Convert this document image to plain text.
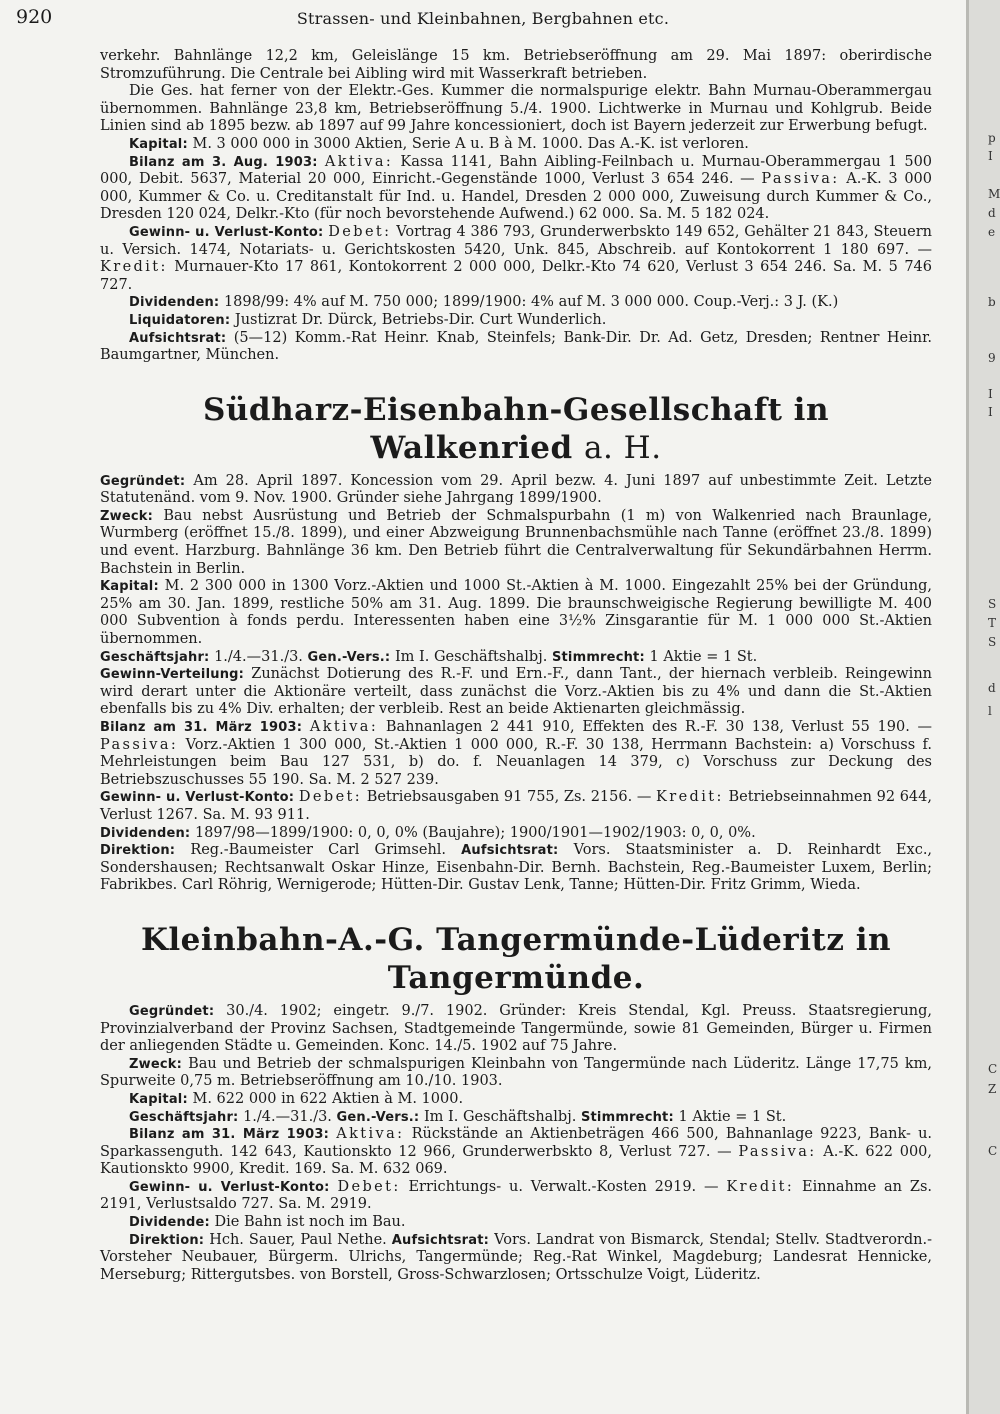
p
I
M
d
e
b
9
I
I
S
T
S
d
l
C
Z
C
920	Strassen- und Kleinbahnen, Bergbahnen etc.

verkehr. Bahnlänge 12,2 km, Geleislänge 15 km. Betriebseröffnung am 29. Mai 1897: oberirdische Stromzuführung. Die Centrale bei Aibling wird mit Wasserkraft betrieben.

Die Ges. hat ferner von der Elektr.-Ges. Kummer die normalspurige elektr. Bahn Murnau-Oberammergau übernommen. Bahnlänge 23,8 km, Betriebseröffnung 5./4. 1900. Lichtwerke in Murnau und Kohlgrub. Beide Linien sind ab 1895 bezw. ab 1897 auf 99 Jahre koncessioniert, doch ist Bayern jederzeit zur Erwerbung befugt.

Kapital: M. 3 000 000 in 3000 Aktien, Serie A u. B à M. 1000. Das A.-K. ist verloren.

Bilanz am 3. Aug. 1903: Aktiva: Kassa 1141, Bahn Aibling-Feilnbach u. Murnau-Oberammergau 1 500 000, Debit. 5637, Material 20 000, Einricht.-Gegenstände 1000, Verlust 3 654 246. — Passiva: A.-K. 3 000 000, Kummer & Co. u. Creditanstalt für Ind. u. Handel, Dresden 2 000 000, Zuweisung durch Kummer & Co., Dresden 120 024, Delkr.-Kto (für noch bevorstehende Aufwend.) 62 000. Sa. M. 5 182 024.

Gewinn- u. Verlust-Konto: Debet: Vortrag 4 386 793, Grunderwerbskto 149 652, Gehälter 21 843, Steuern u. Versich. 1474, Notariats- u. Gerichtskosten 5420, Unk. 845, Abschreib. auf Kontokorrent 1 180 697. — Kredit: Murnauer-Kto 17 861, Kontokorrent 2 000 000, Delkr.-Kto 74 620, Verlust 3 654 246. Sa. M. 5 746 727.

Dividenden: 1898/99: 4% auf M. 750 000; 1899/1900: 4% auf M. 3 000 000. Coup.-Verj.: 3 J. (K.)

Liquidatoren: Justizrat Dr. Dürck, Betriebs-Dir. Curt Wunderlich.

Aufsichtsrat: (5—12) Komm.-Rat Heinr. Knab, Steinfels; Bank-Dir. Dr. Ad. Getz, Dresden; Rentner Heinr. Baumgartner, München.

Südharz-Eisenbahn-Gesellschaft in Walkenried a. H.

Gegründet: Am 28. April 1897. Koncession vom 29. April bezw. 4. Juni 1897 auf unbestimmte Zeit. Letzte Statutenänd. vom 9. Nov. 1900. Gründer siehe Jahrgang 1899/1900.

Zweck: Bau nebst Ausrüstung und Betrieb der Schmalspurbahn (1 m) von Walkenried nach Braunlage, Wurmberg (eröffnet 15./8. 1899), und einer Abzweigung Brunnenbachsmühle nach Tanne (eröffnet 23./8. 1899) und event. Harzburg. Bahnlänge 36 km. Den Betrieb führt die Centralverwaltung für Sekundärbahnen Herrm. Bachstein in Berlin.

Kapital: M. 2 300 000 in 1300 Vorz.-Aktien und 1000 St.-Aktien à M. 1000. Eingezahlt 25% bei der Gründung, 25% am 30. Jan. 1899, restliche 50% am 31. Aug. 1899. Die braunschweigische Regierung bewilligte M. 400 000 Subvention à fonds perdu. Interessenten haben eine 3½% Zinsgarantie für M. 1 000 000 St.-Aktien übernommen.

Geschäftsjahr: 1./4.—31./3. Gen.-Vers.: Im I. Geschäftshalbj. Stimmrecht: 1 Aktie = 1 St.

Gewinn-Verteilung: Zunächst Dotierung des R.-F. und Ern.-F., dann Tant., der hiernach verbleib. Reingewinn wird derart unter die Aktionäre verteilt, dass zunächst die Vorz.-Aktien bis zu 4% und dann die St.-Aktien ebenfalls bis zu 4% Div. erhalten; der verbleib. Rest an beide Aktienarten gleichmässig.

Bilanz am 31. März 1903: Aktiva: Bahnanlagen 2 441 910, Effekten des R.-F. 30 138, Verlust 55 190. — Passiva: Vorz.-Aktien 1 300 000, St.-Aktien 1 000 000, R.-F. 30 138, Herrmann Bachstein: a) Vorschuss f. Mehrleistungen beim Bau 127 531, b) do. f. Neuanlagen 14 379, c) Vorschuss zur Deckung des Betriebszuschusses 55 190. Sa. M. 2 527 239.

Gewinn- u. Verlust-Konto: Debet: Betriebsausgaben 91 755, Zs. 2156. — Kredit: Betriebseinnahmen 92 644, Verlust 1267. Sa. M. 93 911.

Dividenden: 1897/98—1899/1900: 0, 0, 0% (Baujahre); 1900/1901—1902/1903: 0, 0, 0%.

Direktion: Reg.-Baumeister Carl Grimsehl. Aufsichtsrat: Vors. Staatsminister a. D. Reinhardt Exc., Sondershausen; Rechtsanwalt Oskar Hinze, Eisenbahn-Dir. Bernh. Bachstein, Reg.-Baumeister Luxem, Berlin; Fabrikbes. Carl Röhrig, Wernigerode; Hütten-Dir. Gustav Lenk, Tanne; Hütten-Dir. Fritz Grimm, Wieda.

Kleinbahn-A.-G. Tangermünde-Lüderitz in Tangermünde.

Gegründet: 30./4. 1902; eingetr. 9./7. 1902. Gründer: Kreis Stendal, Kgl. Preuss. Staatsregierung, Provinzialverband der Provinz Sachsen, Stadtgemeinde Tangermünde, sowie 81 Gemeinden, Bürger u. Firmen der anliegenden Städte u. Gemeinden. Konc. 14./5. 1902 auf 75 Jahre.

Zweck: Bau und Betrieb der schmalspurigen Kleinbahn von Tangermünde nach Lüderitz. Länge 17,75 km, Spurweite 0,75 m. Betriebseröffnung am 10./10. 1903.

Kapital: M. 622 000 in 622 Aktien à M. 1000.

Geschäftsjahr: 1./4.—31./3. Gen.-Vers.: Im I. Geschäftshalbj. Stimmrecht: 1 Aktie = 1 St.

Bilanz am 31. März 1903: Aktiva: Rückstände an Aktienbeträgen 466 500, Bahnanlage 9223, Bank- u. Sparkassenguth. 142 643, Kautionskto 12 966, Grunderwerbskto 8, Verlust 727. — Passiva: A.-K. 622 000, Kautionskto 9900, Kredit. 169. Sa. M. 632 069.

Gewinn- u. Verlust-Konto: Debet: Errichtungs- u. Verwalt.-Kosten 2919. — Kredit: Einnahme an Zs. 2191, Verlustsaldo 727. Sa. M. 2919.

Dividende: Die Bahn ist noch im Bau.

Direktion: Hch. Sauer, Paul Nethe. Aufsichtsrat: Vors. Landrat von Bismarck, Stendal; Stellv. Stadtverordn.-Vorsteher Neubauer, Bürgerm. Ulrichs, Tangermünde; Reg.-Rat Winkel, Magdeburg; Landesrat Hennicke, Merseburg; Rittergutsbes. von Borstell, Gross-Schwarzlosen; Ortsschulze Voigt, Lüderitz.
